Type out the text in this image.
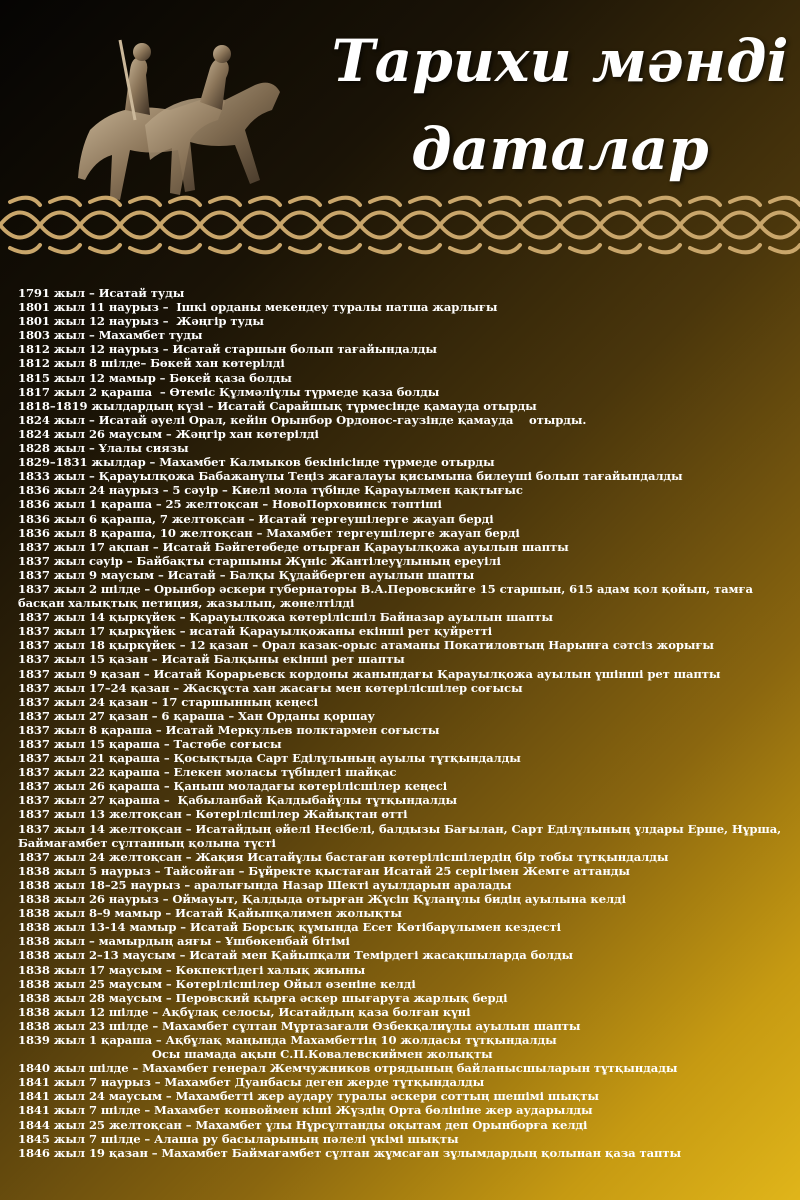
Тарихи мәнді
даталар
1791 жыл – Исатай туды
1801 жыл 11 наурыз –  Ішкі орданы мекендеу туралы патша жарлығы
1801 жыл 12 наурыз –  Жәңгір туды
1803 жыл – Махамбет туды
1812 жыл 12 наурыз – Исатай старшын болып тағайындалды
1812 жыл 8 шілде– Бөкей хан көтерілді
1815 жыл 12 мамыр – Бөкей қаза болды
1817 жыл 2 қараша  – Өтеміс Құлмәліұлы түрмеде қаза болды
1818–1819 жылдардың күзі – Исатай Сарайшық түрмесінде қамауда отырды
1824 жыл – Исатай әуелі Орал, кейін Орынбор Ордонос-гаузінде қамауда    отырды.
1824 жыл 26 маусым – Жәңгір хан көтерілді
1828 жыл – Ұлалы сиязы
1829–1831 жылдар – Махамбет Калмыков бекінісінде түрмеде отырды
1833 жыл – Қарауылқожа Бабажанұлы Теңіз жағалауы қисымына билеуші болып тағайындалды
1836 жыл 24 наурыз – 5 сәуір – Киелі мола түбінде Қарауылмен қақтығыс
1836 жыл 1 қараша – 25 желтоқсан – НовоПорховинск тәптіші
1836 жыл 6 қараша, 7 желтоқсан – Исатай тергеушілерге жауап берді
1836 жыл 8 қараша, 10 желтоқсан – Махамбет тергеушілерге жауап берді
1837 жыл 17 ақпан – Исатай Бәйгетөбеде отырған Қарауылқожа ауылын шапты
1837 жыл сәуір – Байбақты старшыны Жүніс Жантілеуұлының ереуілі
1837 жыл 9 маусым – Исатай – Балқы Құдайберген ауылын шапты
1837 жыл 2 шілде – Орынбор әскери губернаторы В.А.Перовскийге 15 старшын, 615 адам қол қойып, тамға басқан халықтық петиция, жазылып, жөнелтілді
1837 жыл 14 қыркүйек – Қарауылқожа көтерілісшіл Байназар ауылын шапты
1837 жыл 17 қыркүйек – исатай Қарауылқожаны екінші рет қуйретті
1837 жыл 18 қыркүйек – 12 қазан – Орал казак-орыс атаманы Покатиловтың Нарынға сәтсіз жорығы
1837 жыл 15 қазан – Исатай Балқыны екінші рет шапты
1837 жыл 9 қазан – Исатай Корарьевск кордоны жанындағы Қарауылқожа ауылын үшінші рет шапты
1837 жыл 17–24 қазан – Жасқұста хан жасағы мен көтерілісшілер соғысы
1837 жыл 24 қазан – 17 старшынның кеңесі
1837 жыл 27 қазан – 6 қараша – Хан Орданы қоршау
1837 жыл 8 қараша – Исатай Меркульев полктармен соғысты
1837 жыл 15 қараша – Тастөбе соғысы
1837 жыл 21 қараша – Қосықтыда Сарт Еділұлының ауылы тұтқындалды
1837 жыл 22 қараша – Елекен моласы түбіндегі шайқас
1837 жыл 26 қараша – Қаныш моладағы көтерілісшілер кеңесі
1837 жыл 27 қараша –  Қабыланбай Қалдыбайұлы тұтқындалды
1837 жыл 13 желтоқсан – Көтерілісшілер Жайықтан өтті
1837 жыл 14 желтоқсан – Исатайдың әйелі Несібелі, балдызы Бағылан, Сарт Еділұлының ұлдары Ерше, Нұрша, Баймағамбет сұлтанның қолына түсті
1837 жыл 24 желтоқсан – Жақия Исатайұлы бастаған көтерілісшілердің бір тобы тұтқындалды
1838 жыл 5 наурыз – Тайсойған – Бұйректе қыстаған Исатай 25 серігімен Жемге аттанды
1838 жыл 18–25 наурыз – аралығында Назар Шекті ауылдарын аралады
1838 жыл 26 наурыз – Оймауыт, Қалдыда отырған Жүсіп Құланұлы бидің ауылына келді
1838 жыл 8–9 мамыр – Исатай Қайыпқалимен жолықты
1838 жыл 13-14 мамыр – Исатай Борсық құмында Есет Көтібарұлымен кездесті
1838 жыл – мамырдың аяғы – Ұшбөкенбай бітімі
1838 жыл 2–13 маусым – Исатай мен Қайыпқали Темірдегі жасақшыларда болды
1838 жыл 17 маусым – Көкпектідегі халық жиыны
1838 жыл 25 маусым – Көтерілісшілер Ойыл өзеніне келді
1838 жыл 28 маусым – Перовский қырға әскер шығаруға жарлық берді
1838 жыл 12 шілде – Ақбұлақ селосы, Исатайдың қаза болған күні
1838 жыл 23 шілде – Махамбет сұлтан Мұртазағали Өзбекқалиұлы ауылын шапты
1839 жыл 1 қараша – Ақбұлақ маңында Махамбеттің 10 жолдасы тұтқындалды
Осы шамада ақын С.П.Ковалевскиймен жолықты
1840 жыл шілде – Махамбет генерал Жемчужников отрядының байланысшыларын тұтқындады
1841 жыл 7 наурыз – Махамбет Дуанбасы деген жерде тұтқындалды
1841 жыл 24 маусым – Махамбетті жер аудару туралы әскери соттың шешімі шықты
1841 жыл 7 шілде – Махамбет конвоймен кіші Жүздің Орта бөлініне жер аударылды
1844 жыл 25 желтоқсан – Махамбет ұлы Нұрсұлтанды оқытам деп Орынборға келді
1845 жыл 7 шілде – Алаша ру басыларының пәлелі үкімі шықты
1846 жыл 19 қазан – Махамбет Баймағамбет сұлтан жұмсаған зұлымдардың қолынан қаза тапты
